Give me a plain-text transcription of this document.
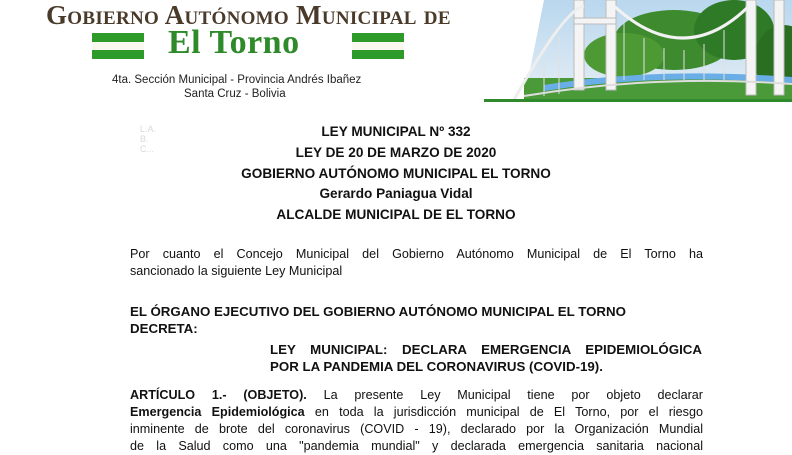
Gobierno Autónomo Municipal de
El Torno
4ta. Sección Municipal - Provincia Andrés Ibañez
Santa Cruz - Bolivia
L.A.
B.
C...
LEY MUNICIPAL Nº 332
LEY DE 20 DE MARZO DE 2020
GOBIERNO AUTÓNOMO MUNICIPAL EL TORNO
Gerardo Paniagua Vidal
ALCALDE MUNICIPAL DE EL TORNO
Por cuanto el Concejo Municipal del Gobierno Autónomo Municipal de El Torno ha
sancionado la siguiente Ley Municipal
EL ÓRGANO EJECUTIVO DEL GOBIERNO AUTÓNOMO MUNICIPAL EL TORNO
DECRETA:
LEY MUNICIPAL: DECLARA EMERGENCIA EPIDEMIOLÓGICA
POR LA PANDEMIA DEL CORONAVIRUS (COVID-19).
ARTÍCULO 1.- (OBJETO). La presente Ley Municipal tiene por objeto declarar
Emergencia Epidemiológica en toda la jurisdicción municipal de El Torno, por el riesgo
inminente de brote del coronavirus (COVID - 19), declarado por la Organización Mundial
de la Salud como una "pandemia mundial" y declarada emergencia sanitaria nacional
